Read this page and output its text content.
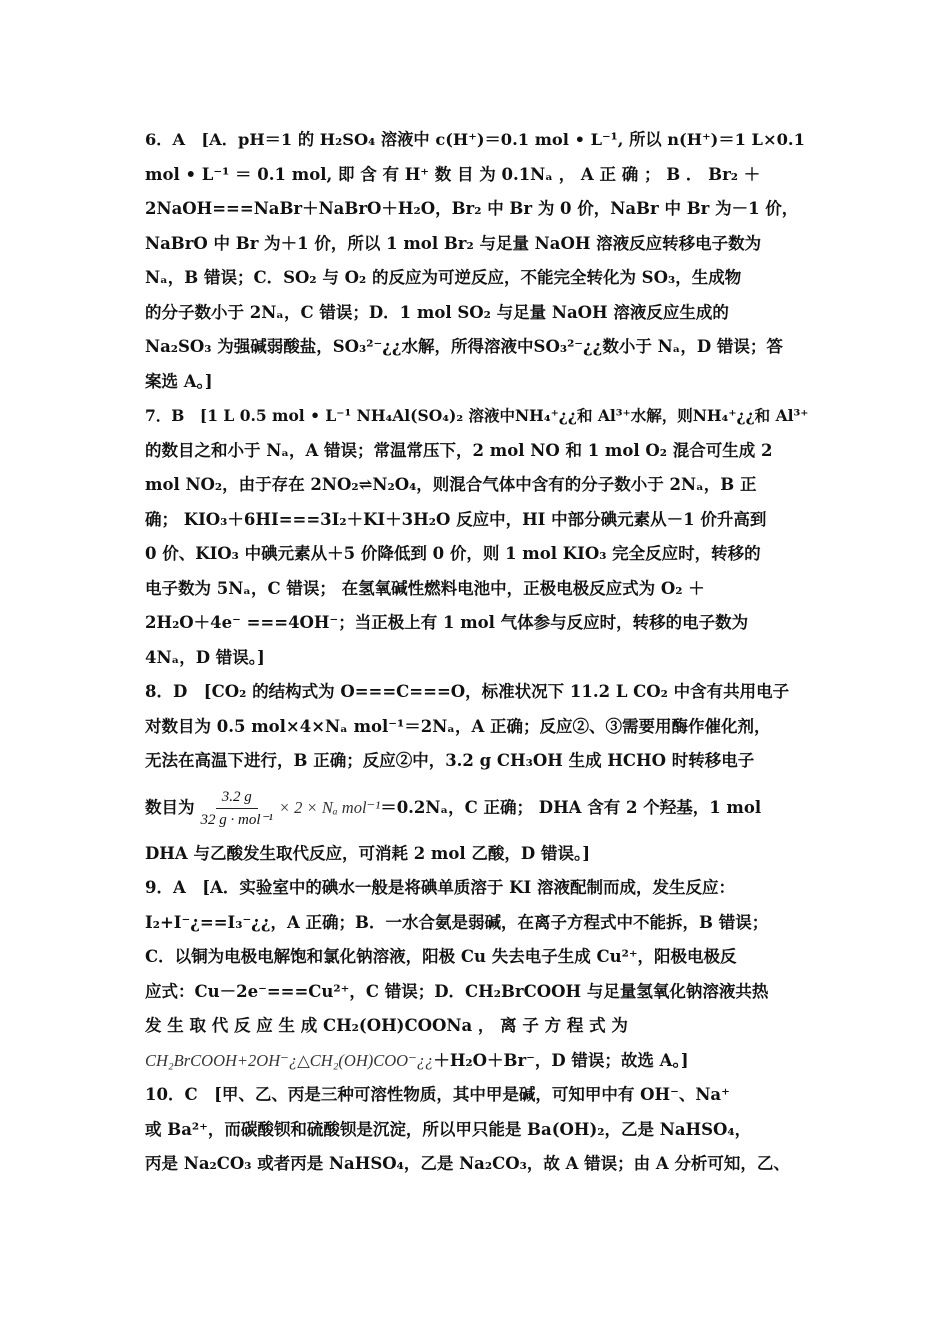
6．A　[A．pH＝1 的 H₂SO₄ 溶液中 c(H⁺)＝0.1 mol • L⁻¹, 所以 n(H⁺)＝1 L×0.1
mol • L⁻¹ ＝ 0.1 mol, 即 含 有 H⁺ 数 目 为 0.1Nₐ ， A 正 确 ； B ． Br₂ ＋
2NaOH===NaBr＋NaBrO＋H₂O，Br₂ 中 Br 为 0 价，NaBr 中 Br 为－1 价，
NaBrO 中 Br 为＋1 价，所以 1 mol Br₂ 与足量 NaOH 溶液反应转移电子数为
Nₐ，B 错误；C．SO₂ 与 O₂ 的反应为可逆反应，不能完全转化为 SO₃，生成物
的分子数小于 2Nₐ，C 错误；D．1 mol SO₂ 与足量 NaOH 溶液反应生成的
Na₂SO₃ 为强碱弱酸盐，SO₃²⁻¿¿水解，所得溶液中SO₃²⁻¿¿数小于 Nₐ，D 错误；答
案选 A。]
7．B　[1 L 0.5 mol • L⁻¹ NH₄Al(SO₄)₂ 溶液中NH₄⁺¿¿和 Al³⁺水解，则NH₄⁺¿¿和 Al³⁺
的数目之和小于 Nₐ，A 错误；常温常压下，2 mol NO 和 1 mol O₂ 混合可生成 2
mol NO₂，由于存在 2NO₂⇌N₂O₄，则混合气体中含有的分子数小于 2Nₐ，B 正
确； KIO₃＋6HI===3I₂＋KI＋3H₂O 反应中，HI 中部分碘元素从－1 价升高到
0 价、KIO₃ 中碘元素从＋5 价降低到 0 价，则 1 mol KIO₃ 完全反应时，转移的
电子数为 5Nₐ，C 错误； 在氢氧碱性燃料电池中，正极电极反应式为 O₂ ＋
2H₂O＋4e⁻ ===4OH⁻；当正极上有 1 mol 气体参与反应时，转移的电子数为
4Nₐ，D 错误。]
8．D　[CO₂ 的结构式为 O===C===O，标准状况下 11.2 L CO₂ 中含有共用电子
对数目为 0.5 mol×4×Nₐ mol⁻¹＝2Nₐ，A 正确；反应②、③需要用酶作催化剂，
无法在高温下进行，B 正确；反应②中，3.2 g CH₃OH 生成 HCHO 时转移电子
数目为 $\frac{3.2 g}{\text{32 g · mol⁻¹}} \times 2 \times N_a$ mol⁻¹＝0.2Nₐ，C 正确； DHA 含有 2 个羟基，1 mol
DHA 与乙酸发生取代反应，可消耗 2 mol 乙酸，D 错误。]
9．A　[A．实验室中的碘水一般是将碘单质溶于 KI 溶液配制而成，发生反应：
I₂+I⁻¿==I₃⁻¿¿，A 正确；B．一水合氨是弱碱，在离子方程式中不能拆，B 错误；
C．以铜为电极电解饱和氯化钠溶液，阳极 Cu 失去电子生成 Cu²⁺，阳极电极反
应式：Cu－2e⁻===Cu²⁺，C 错误；D．CH₂BrCOOH 与足量氢氧化钠溶液共热
发 生 取 代 反 应 生 成 CH₂(OH)COONa ， 离 子 方 程 式 为
CH₂BrCOOH+2OH⁻¿△CH₂(OH)COO⁻¿¿＋H₂O＋Br⁻，D 错误；故选 A。]
10．C　[甲、乙、丙是三种可溶性物质，其中甲是碱，可知甲中有 OH⁻、Na⁺
或 Ba²⁺，而碳酸钡和硫酸钡是沉淀，所以甲只能是 Ba(OH)₂，乙是 NaHSO₄，
丙是 Na₂CO₃ 或者丙是 NaHSO₄，乙是 Na₂CO₃，故 A 错误；由 A 分析可知，乙、
